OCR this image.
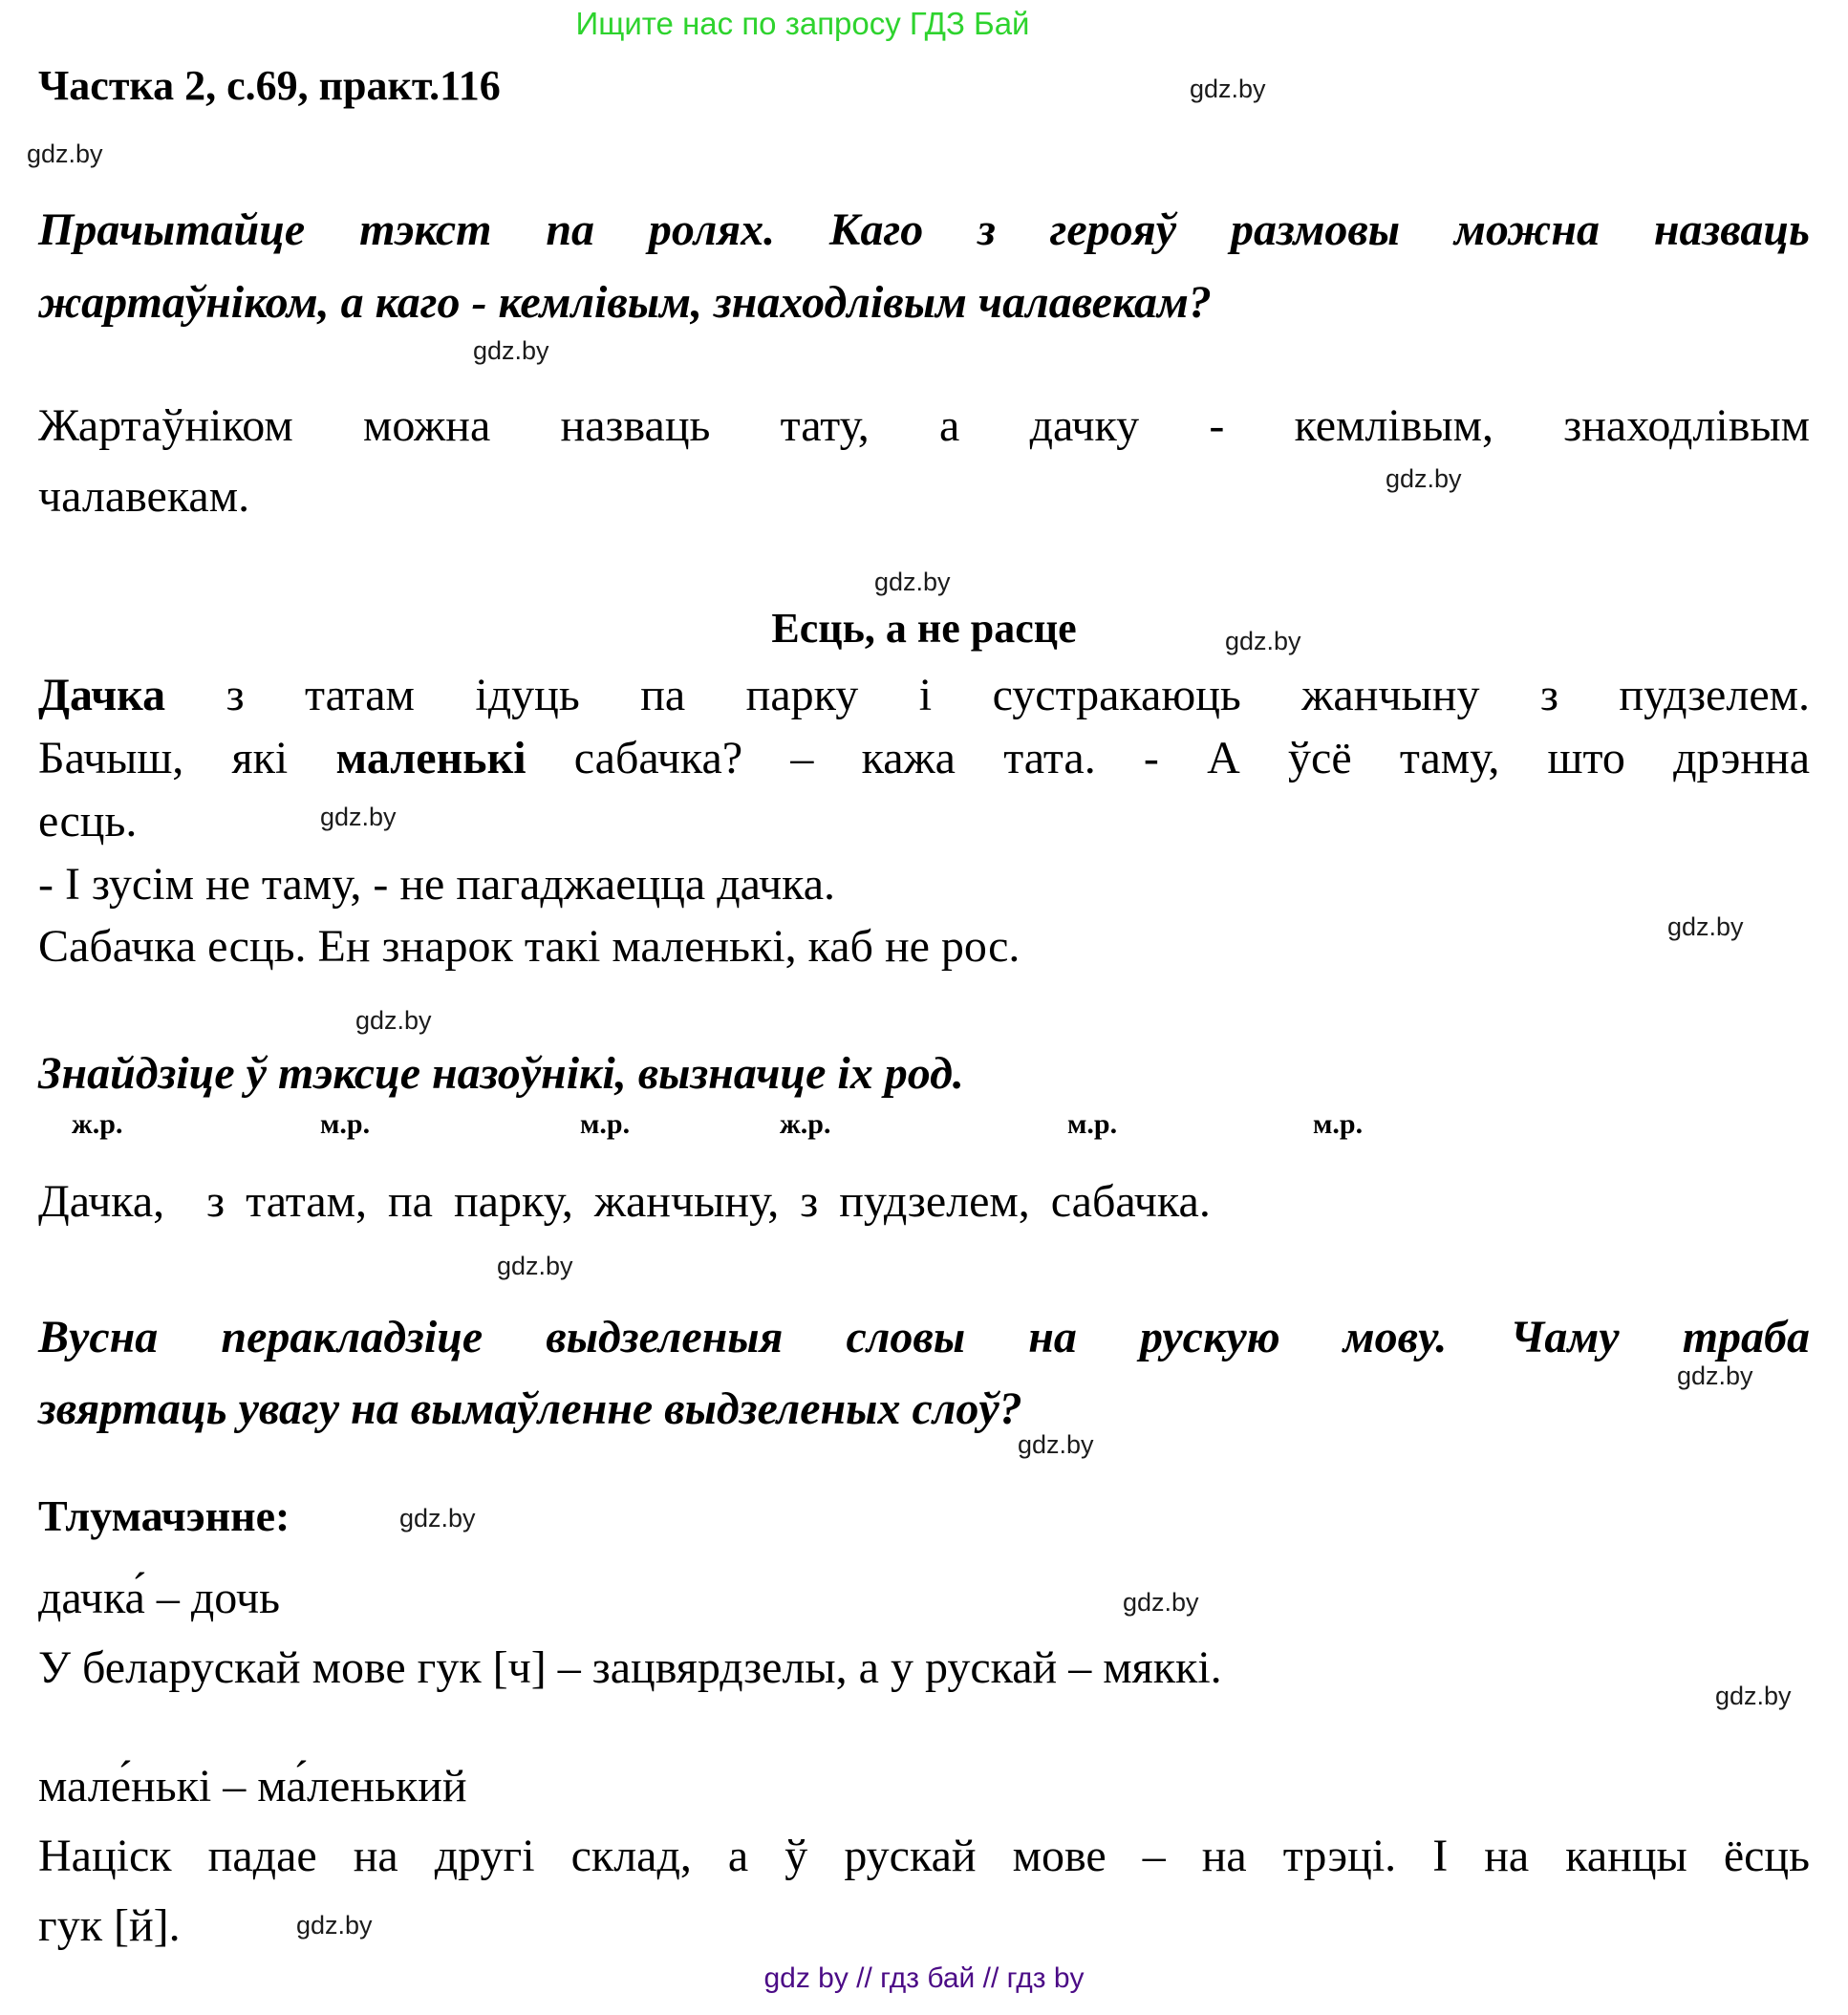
Ищите нас по запросу ГДЗ Бай
Частка 2, с.69, практ.116
Прачытайце тэкст па ролях. Каго з герояў размовы можна назваць
жартаўніком, а каго - кемлівым, знаходлівым чалавекам?
Жартаўніком можна назваць тату, а дачку - кемлівым, знаходлівым
чалавекам.
Есць, а не расце
Дачка з татам ідуць па парку і сустракаюць жанчыну з пудзелем.
Бачыш, які маленькі сабачка? – кажа тата. - А ўсё таму, што дрэнна
есць.
- І зусім не таму, - не пагаджаецца дачка.
Сабачка есць. Ен знарок такі маленькі, каб не рос.
Знайдзіце ў тэксце назоўнікі, вызначце іх род.
ж.р.	м.р.	м.р.	ж.р.	м.р.	м.р.
Дачка,  з татам, па парку, жанчыну, з пудзелем, сабачка.
Вусна перакладзіце выдзеленыя словы на рускую мову. Чаму траба
звяртаць увагу на вымаўленне выдзеленых слоў?
Тлумачэнне:
дачка́ – дочь
У беларускай мове гук [ч] – зацвярдзелы, а у рускай – мяккі.
мале́нькі – ма́ленький
Націск падае на другі склад, а ў рускай мове – на трэці. І на канцы ёсць
гук [й].
gdz by // гдз бай // гдз by
gdz.by
gdz.by
gdz.by
gdz.by
gdz.by
gdz.by
gdz.by
gdz.by
gdz.by
gdz.by
gdz.by
gdz.by
gdz.by
gdz.by
gdz.by
gdz.by
